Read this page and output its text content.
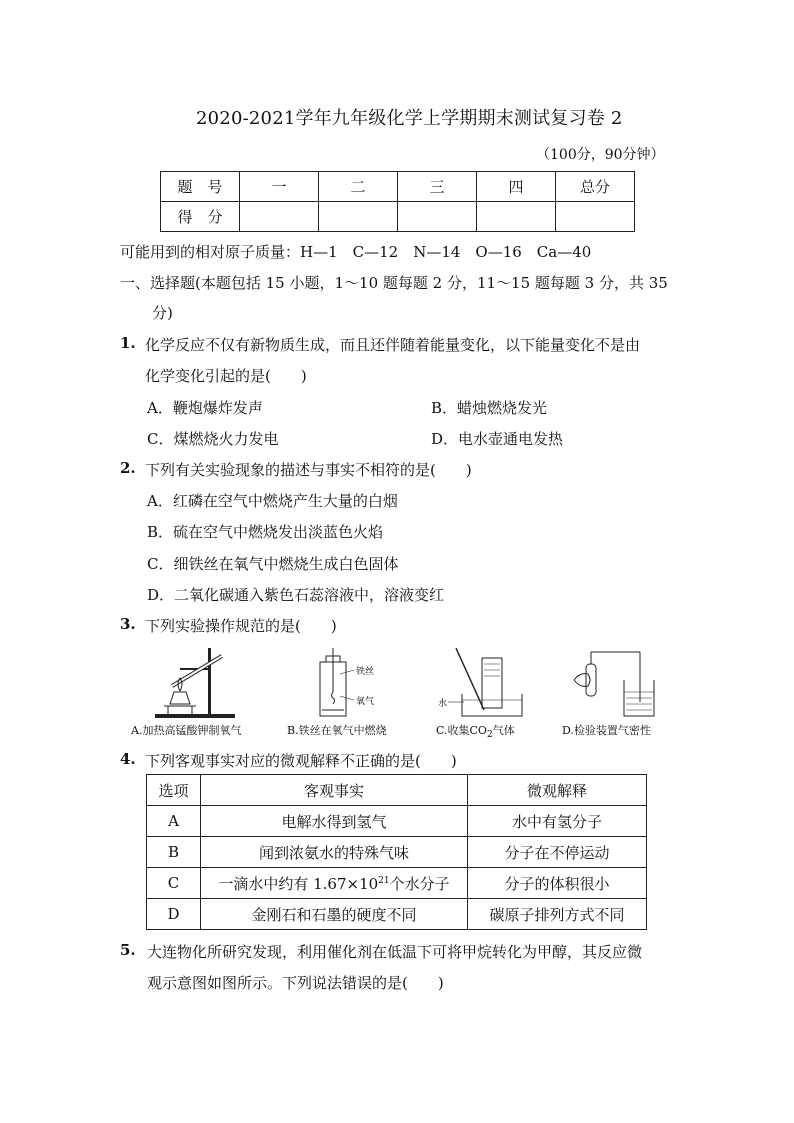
2020-2021学年九年级化学上学期期末测试复习卷 2
（100分，90分钟）
题　号	一	二	三	四	总分
得　分					
可能用到的相对原子质量：H—1　C—12　N—14　O—16　Ca—40
一、选择题(本题包括 15 小题，1～10 题每题 2 分，11～15 题每题 3 分，共 35
分)
1. 化学反应不仅有新物质生成，而且还伴随着能量变化，以下能量变化不是由
化学变化引起的是(　　)
A．鞭炮爆炸发声	B．蜡烛燃烧发光
C．煤燃烧火力发电	D．电水壶通电发热
2. 下列有关实验现象的描述与事实不相符的是(　　)
A．红磷在空气中燃烧产生大量的白烟
B．硫在空气中燃烧发出淡蓝色火焰
C．细铁丝在氧气中燃烧生成白色固体
D．二氧化碳通入紫色石蕊溶液中，溶液变红
3. 下列实验操作规范的是(　　)
A.加热高锰酸钾制氧气
铁丝
氧气
B.铁丝在氧气中燃烧
水
C.收集$CO_2$气体	D.检验装置气密性
4. 下列客观事实对应的微观解释不正确的是(　　)
选项	客观事实	微观解释
A	电解水得到氢气	水中有氢分子
B	闻到浓氨水的特殊气味	分子在不停运动
C	一滴水中约有 $1.67\times 10^{21}$个水分子	分子的体积很小
D	金刚石和石墨的硬度不同	碳原子排列方式不同
5. 大连物化所研究发现，利用催化剂在低温下可将甲烷转化为甲醇，其反应微
观示意图如图所示。下列说法错误的是(　　)
